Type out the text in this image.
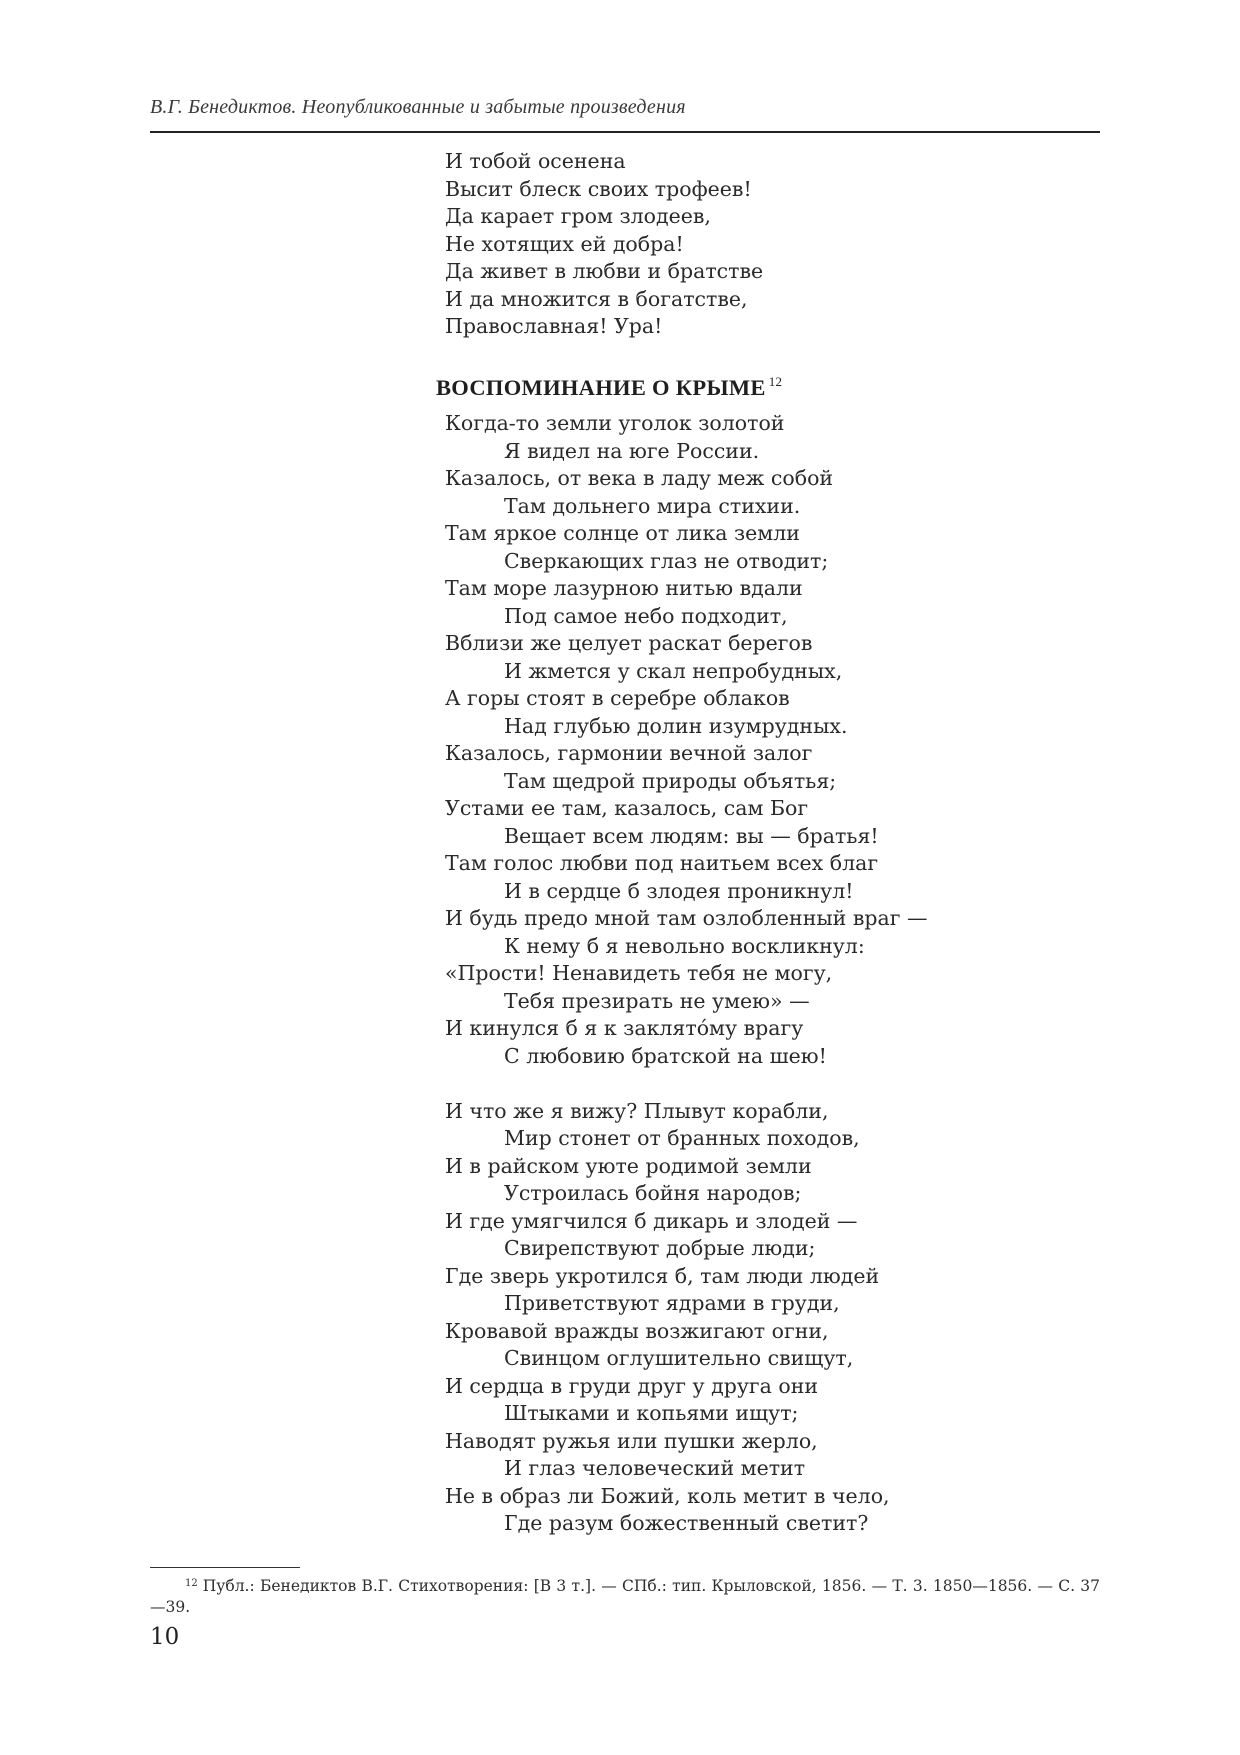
В.Г. Бенедиктов. Неопубликованные и забытые произведения
И тобой осенена
Высит блеск своих трофеев!
Да карает гром злодеев,
Не хотящих ей добра!
Да живет в любви и братстве
И да множится в богатстве,
Православная! Ура!
ВОСПОМИНАНИЕ О КРЫМЕ $^{12}$
Когда-то земли уголок золотой
Я видел на юге России.
Казалось, от века в ладу меж собой
Там дольнего мира стихии.
Там яркое солнце от лика земли
Сверкающих глаз не отводит;
Там море лазурною нитью вдали
Под самое небо подходит,
Вблизи же целует раскат берегов
И жмется у скал непробудных,
А горы стоят в серебре облаков
Над глубью долин изумрудных.
Казалось, гармонии вечной залог
Там щедрой природы объятья;
Устами ее там, казалось, сам Бог
Вещает всем людям: вы — братья!
Там голос любви под наитьем всех благ
И в сердце б злодея проникнул!
И будь предо мной там озлобленный враг —
К нему б я невольно воскликнул:
«Прости! Ненавидеть тебя не могу,
Тебя презирать не умею» —
И кинулся б я к заклято́му врагу
С любовию братской на шею!
И что же я вижу? Плывут корабли,
Мир стонет от бранных походов,
И в райском уюте родимой земли
Устроилась бойня народов;
И где умягчился б дикарь и злодей —
Свирепствуют добрые люди;
Где зверь укротился б, там люди людей
Приветствуют ядрами в груди,
Кровавой вражды возжигают огни,
Свинцом оглушительно свищут,
И сердца в груди друг у друга они
Штыками и копьями ищут;
Наводят ружья или пушки жерло,
И глаз человеческий метит
Не в образ ли Божий, коль метит в чело,
Где разум божественный светит?
$^{12}$ Публ.: Бенедиктов В.Г. Стихотворения: [В 3 т.]. — СПб.: тип. Крыловской, 1856. — Т. 3. 1850—1856. — С. 37—39.
10
